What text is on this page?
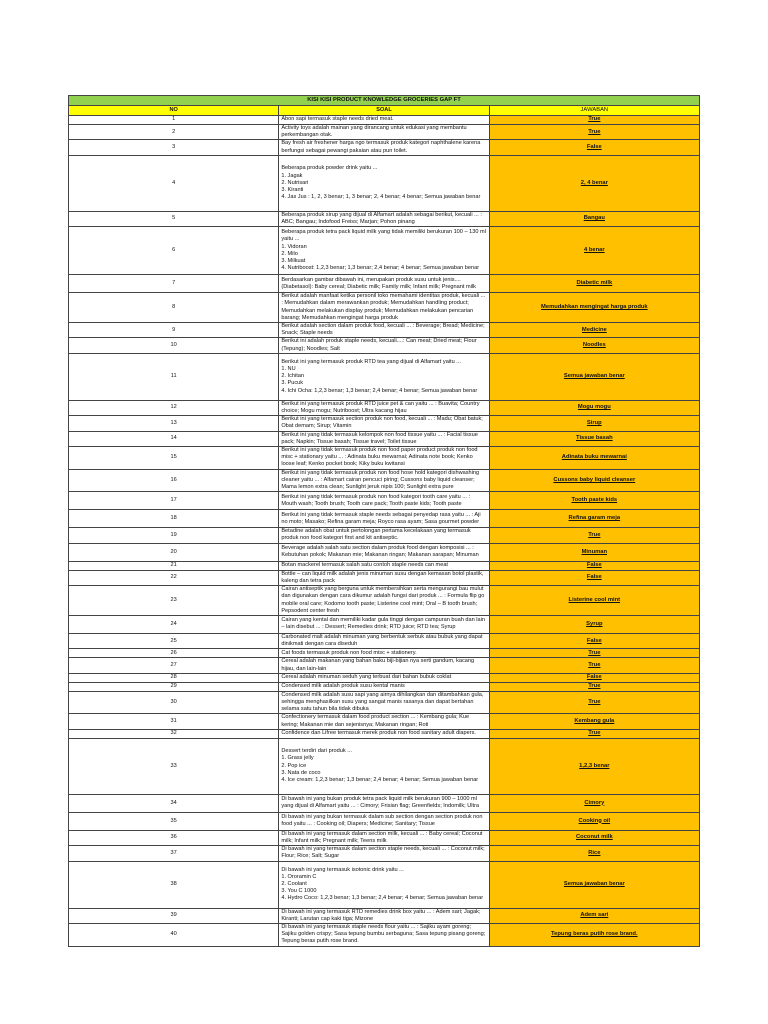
KISI KISI PRODUCT KNOWLEDGE GROCERIES GAP FT		
NO	SOAL	JAWABAN
1	Abon sapi termasuk staple needs dried meat.	True
2	Activity toys adalah mainan yang dirancang untuk edukasi yang membantu perkembangan otak.	True
3	Bay fresh air freshener harga ngo termasuk produk kategori naphthalene karena berfungsi sebagai pewangi pakaian atau pun toilet.	False
4	Beberapa produk powder drink yaitu ...
1. Jagak
2. Nutrisari
3. Kiranti
4. Jas Jus : 1, 2, 3 benar; 1, 3 benar; 2, 4 benar; 4 benar; Semua jawaban benar	2, 4 benar
5	Beberapa produk sirup yang dijual di Alfamart adalah sebagai berikut, kecuali ... : ABC; Bangau; Indofood Freiss; Marjan; Pohon pinang	Bangau
6	Beberapa produk tetra pack liquid milk yang tidak memiliki berukuran 100 – 130 ml yaitu ...
1. Vidoran
2. Milo
3. Milkuat
4. Nutriboost: 1,2,3 benar; 1,3 benar; 2,4 benar; 4 benar; Semua jawaban benar	4 benar
7	Berdasarkan gambar dibawah ini, merupakan produk susu untuk jenis....
(Diabetasol): Baby cereal; Diabetic milk; Family milk; Infant milk; Pregnant milk	Diabetic milk
8	Berikut adalah manfaat ketika personil toko memahami identitas produk, kecuali ... : Memudahkan dalam merawankan produk; Memudahkan handling product; Memudahkan melakukan display produk; Memudahkan melakukan pencarian barang; Memudahkan mengingat harga produk	Memudahkan mengingat harga produk
9	Berikut adalah section dalam produk food, kecuali ... : Beverage; Bread; Medicine; Snack; Staple needs	Medicine
10	Berikut ini adalah produk staple needs, kecuali....: Can meat; Dried meat; Flour (Tepung); Noodles; Salt	Noodles
11	Berikut ini yang termasuk produk RTD tea yang dijual di Alfamart yaitu ...
1. NU
2. Ichitan
3. Pucuk
4. Ichi Ocha: 1,2,3 benar; 1,3 benar; 2,4 benar; 4 benar; Semua jawaban benar	Semua jawaban benar
12	Berikut ini yang termasuk produk RTD juice pet & can yaitu ... : Buavita; Country choice; Mogu mogu; Nutriboost; Ultra kacang hijau	Mogu mogu
13	Berikut ini yang termasuk section produk non food, kecuali ... : Madu; Obat batuk; Obat demam; Sirup; Vitamin	Sirup
14	Berikut ini yang tidak termasuk kelompok non food tissue yaitu ... : Facial tissue pack; Napkin; Tissue basah; Tissue travel; Toilet tissue	Tissue basah
15	Berikut ini yang tidak termasuk produk non food paper product produk non food misc + stationary yaitu ... : Adinata buku mewarnai; Adinata note book; Kenko loose leaf; Kenko pocket book; Kiky buku kwitansi	Adinata buku mewarnai
16	Berikut ini yang tidak termasuk produk non food hose hold kategori dishwashing cleaner yaitu ... : Alfamart cairan pencuci piring; Cussons baby liquid cleanser; Mama lemon extra clean; Sunlight jeruk nipis 100; Sunlight extra pure	Cussons baby liquid cleanser
17	Berikut ini yang tidak termasuk produk non food kategori tooth care yaitu ... : Mouth wash; Tooth brush; Tooth care pack; Tooth paste kids; Tooth paste	Tooth paste kids
18	Berikut ini yang tidak termasuk staple needs sebagai penyedap rasa yaitu ... : Aji no moto; Masako; Refina garam meja; Royco rasa ayam; Sasa gourmet powder	Refina garam meja
19	Betadine adalah obat untuk pertolongan pertama kecelakaan yang termasuk produk non food kategori first and kit antiseptic.	True
20	Beverage adalah salah satu section dalam produk food dengan komposisi ... : Kebutuhan pokok; Makanan mie; Makanan ringan; Makanan sarapan; Minuman	Minuman
21	Botan mackerel termasuk salah satu contoh staple needs can meat	False
22	Bottle – can liquid milk adalah jenis minuman susu dengan kemasan botol plastik, kaleng dan tetra pack	False
23	Cairan antiseptik yang berguna untuk membersihkan serta mengurangi bau mulut dan digunakan dengan cara dikumur adalah fungsi dari produk ... : Formula flip go mobile oral care; Kodomo tooth paste; Listerine cool mint; Oral – B tooth brush; Pepsodent center fresh	Listerine cool mint
24	Cairan yang kental dan memiliki kadar gula tinggi dengan campuran buah dan lain – lain disebut ... : Dessert; Remedies drink; RTD juice; RTD tea; Syrup	Syrup
25	Carbonated malt adalah minuman yang berbentuk serbuk atau bubuk yang dapat dinikmati dengan cara diseduh	False
26	Cat foods termasuk produk non food misc + stationery.	True
27	Cereal adalah makanan yang bahan baku biji-bijian nya serti gandum, kacang hijau, dan lain-lain	True
28	Cereal adalah minuman seduh yang terbuat dari bahan bubuk coklat	False
29	Condensed milk adalah produk susu kental manis	True
30	Condensed milk adalah susu sapi yang airnya dihilangkan dan ditambahkan gula, sehingga menghasilkan susu yang sangat manis rasanya dan dapat bertahan selama satu tahun bila tidak dibuka	True
31	Confectionery termasuk dalam food product section ... : Kembang gula; Kue kering; Makanan mie dan sejenisnya; Makanan ringan; Roti	Kembang gula
32	Confidence dan Lifree termasuk merek produk non food sanitary adult diapers.	True
33	Dessert terdiri dari produk ...
1. Grass jelly
2. Pop ice
3. Nata de coco
4. Ice cream: 1,2,3 benar; 1,3 benar; 2,4 benar; 4 benar; Semua jawaban benar	1,2,3 benar
34	Di bawah ini yang bukan produk tetra pack liquid milk berukuran 900 – 1000 ml yang dijual di Alfamart yaitu ... : Cimory; Frisian flag; Greenfields; Indomilk; Ultra	Cimory
35	Di bawah ini yang bukan termasuk dalam sub section dengan section produk non food yaitu ... : Cooking oil; Diapers; Medicine; Sanitary; Tissue	Cooking oil
36	Di bawah ini yang termasuk dalam section milk, kecuali ... : Baby cereal; Coconut milk; Infant milk; Pregnant milk; Teens milk	Coconut milk
37	Di bawah ini yang termasuk dalam section staple needs, kecuali ... : Coconut milk; Flour; Rice; Salt; Sugar	Rice
38	Di bawah ini yang termasuk isotonic drink yaitu ...
1. Ororamin C
2. Coolant
3. You C 1000
4. Hydro Coco: 1,2,3 benar; 1,3 benar; 2,4 benar; 4 benar; Semua jawaban benar	Semua jawaban benar
39	Di bawah ini yang termasuk RTD remedies drink box yaitu ... : Adem sari; Jagak; Kiranti; Larutan cap kaki tiga; Mizone	Adem sari
40	Di bawah ini yang termasuk staple needs flour yaitu ... : Sajiku ayam goreng; Sajiku golden crispy; Sasa tepung bumbu serbaguna; Sasa tepung pisang goreng; Tepung beras putih rose brand.	Tepung beras putih rose brand.
